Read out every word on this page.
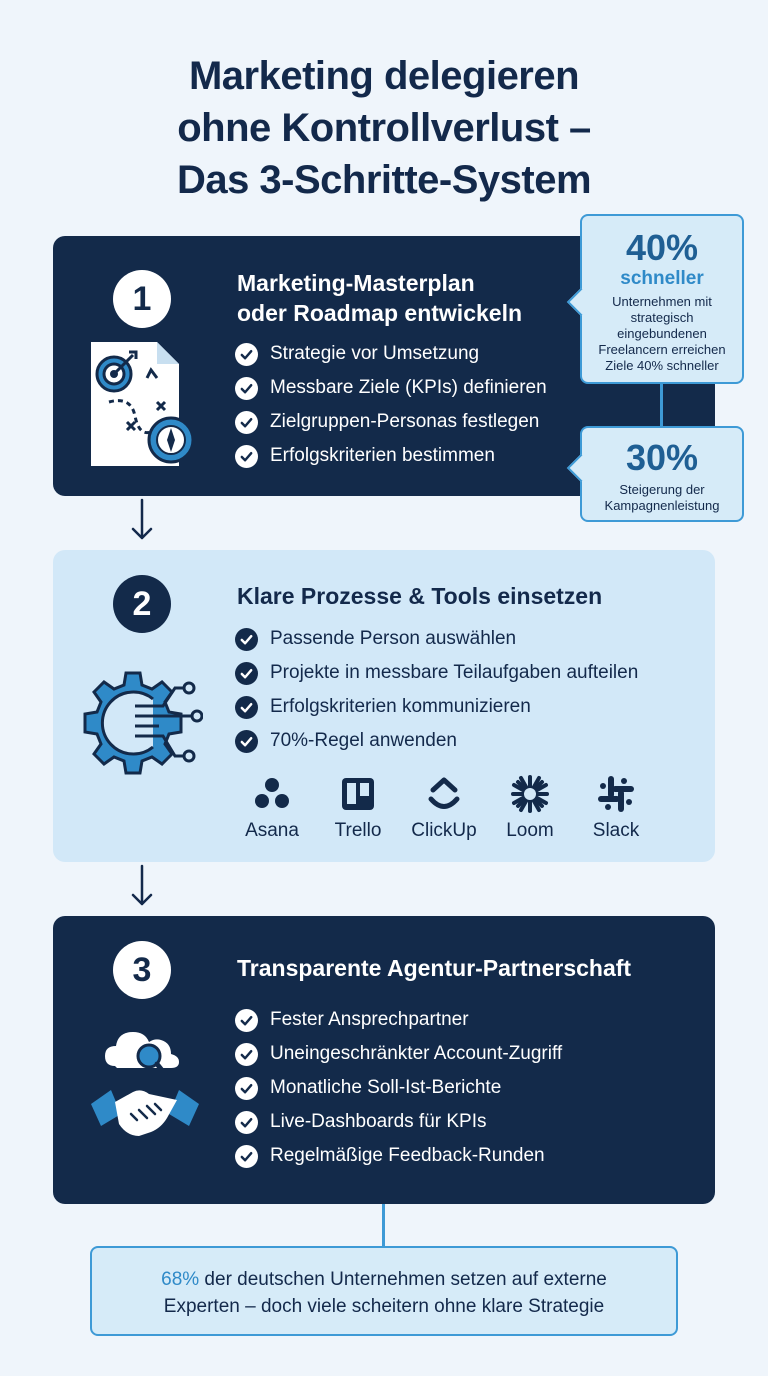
Marketing delegieren
ohne Kontrollverlust –
Das 3-Schritte-System
1	Marketing-Masterplan
oder Roadmap entwickeln
Strategie vor Umsetzung
Messbare Ziele (KPIs) definieren
Zielgruppen-Personas festlegen
Erfolgskriterien bestimmen
40%
schneller
Unternehmen mit
strategisch
eingebundenen
Freelancern erreichen
Ziele 40% schneller
30%
Steigerung der
Kampagnenleistung
2	Klare Prozesse & Tools einsetzen
Passende Person auswählen
Projekte in messbare Teilaufgaben aufteilen
Erfolgskriterien kommunizieren
70%-Regel anwenden
Asana Trello ClickUp Loom Slack
3	Transparente Agentur-Partnerschaft
Fester Ansprechpartner
Uneingeschränkter Account-Zugriff
Monatliche Soll-Ist-Berichte
Live-Dashboards für KPIs
Regelmäßige Feedback-Runden
68% der deutschen Unternehmen setzen auf externe
Experten – doch viele scheitern ohne klare Strategie
